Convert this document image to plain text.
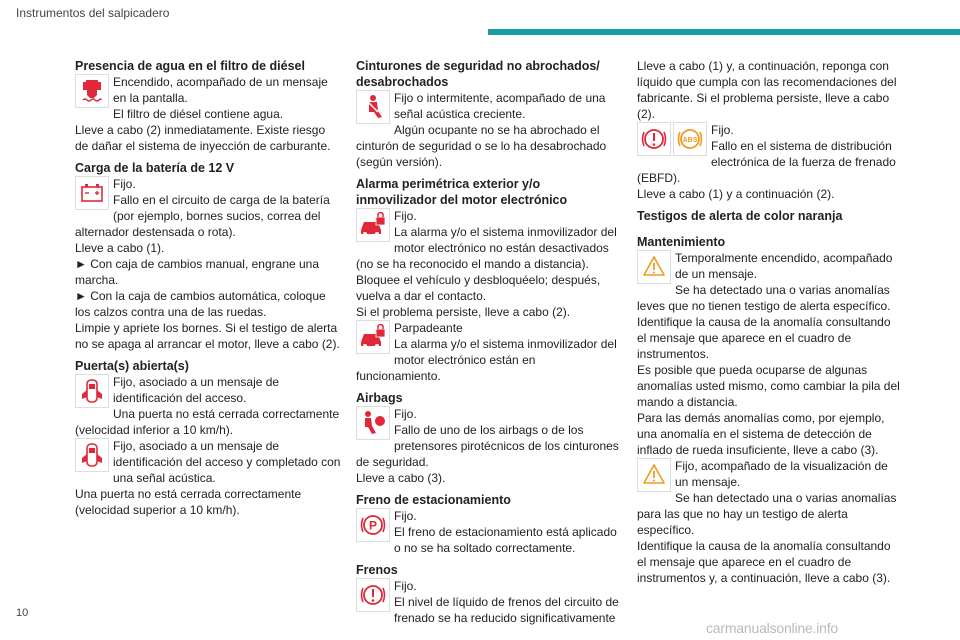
Instrumentos del salpicadero
Presencia de agua en el filtro de diésel
Encendido, acompañado de un mensaje en la pantalla.
El filtro de diésel contiene agua.
Lleve a cabo (2) inmediatamente. Existe riesgo de dañar el sistema de inyección de carburante.
Carga de la batería de 12 V
Fijo.
Fallo en el circuito de carga de la batería (por ejemplo, bornes sucios, correa del alternador destensada o rota).
Lleve a cabo (1).
► Con caja de cambios manual, engrane una marcha.
► Con la caja de cambios automática, coloque los calzos contra una de las ruedas.
Limpie y apriete los bornes. Si el testigo de alerta no se apaga al arrancar el motor, lleve a cabo (2).
Puerta(s) abierta(s)
Fijo, asociado a un mensaje de identificación del acceso.
Una puerta no está cerrada correctamente (velocidad inferior a 10 km/h).
Fijo, asociado a un mensaje de identificación del acceso y completado con una señal acústica.
Una puerta no está cerrada correctamente (velocidad superior a 10 km/h).
Cinturones de seguridad no abrochados/ desabrochados
Fijo o intermitente, acompañado de una señal acústica creciente.
Algún ocupante no se ha abrochado el cinturón de seguridad o se lo ha desabrochado (según versión).
Alarma perimétrica exterior y/o inmovilizador del motor electrónico
Fijo.
La alarma y/o el sistema inmovilizador del motor electrónico no están desactivados (no se ha reconocido el mando a distancia).
Bloquee el vehículo y desbloquéelo; después, vuelva a dar el contacto.
Si el problema persiste, lleve a cabo (2).
Parpadeante
La alarma y/o el sistema inmovilizador del motor electrónico están en funcionamiento.
Airbags
Fijo.
Fallo de uno de los airbags o de los pretensores pirotécnicos de los cinturones de seguridad.
Lleve a cabo (3).
Freno de estacionamiento
P
Fijo.
El freno de estacionamiento está aplicado o no se ha soltado correctamente.
Frenos
Fijo.
El nivel de líquido de frenos del circuito de frenado se ha reducido significativamente
Lleve a cabo (1) y, a continuación, reponga con líquido que cumpla con las recomendaciones del fabricante. Si el problema persiste, lleve a cabo (2).
ABS
Fijo.
Fallo en el sistema de distribución electrónica de la fuerza de frenado (EBFD).
Lleve a cabo (1) y a continuación (2).
Testigos de alerta de color naranja
Mantenimiento
Temporalmente encendido, acompañado de un mensaje.
Se ha detectado una o varias anomalías leves que no tienen testigo de alerta específico.
Identifique la causa de la anomalía consultando el mensaje que aparece en el cuadro de instrumentos.
Es posible que pueda ocuparse de algunas anomalías usted mismo, como cambiar la pila del mando a distancia.
Para las demás anomalías como, por ejemplo, una anomalía en el sistema de detección de inflado de rueda insuficiente, lleve a cabo (3).
Fijo, acompañado de la visualización de un mensaje.
Se han detectado una o varias anomalías para las que no hay un testigo de alerta específico.
Identifique la causa de la anomalía consultando el mensaje que aparece en el cuadro de instrumentos y, a continuación, lleve a cabo (3).
10
carmanualsonline.info
